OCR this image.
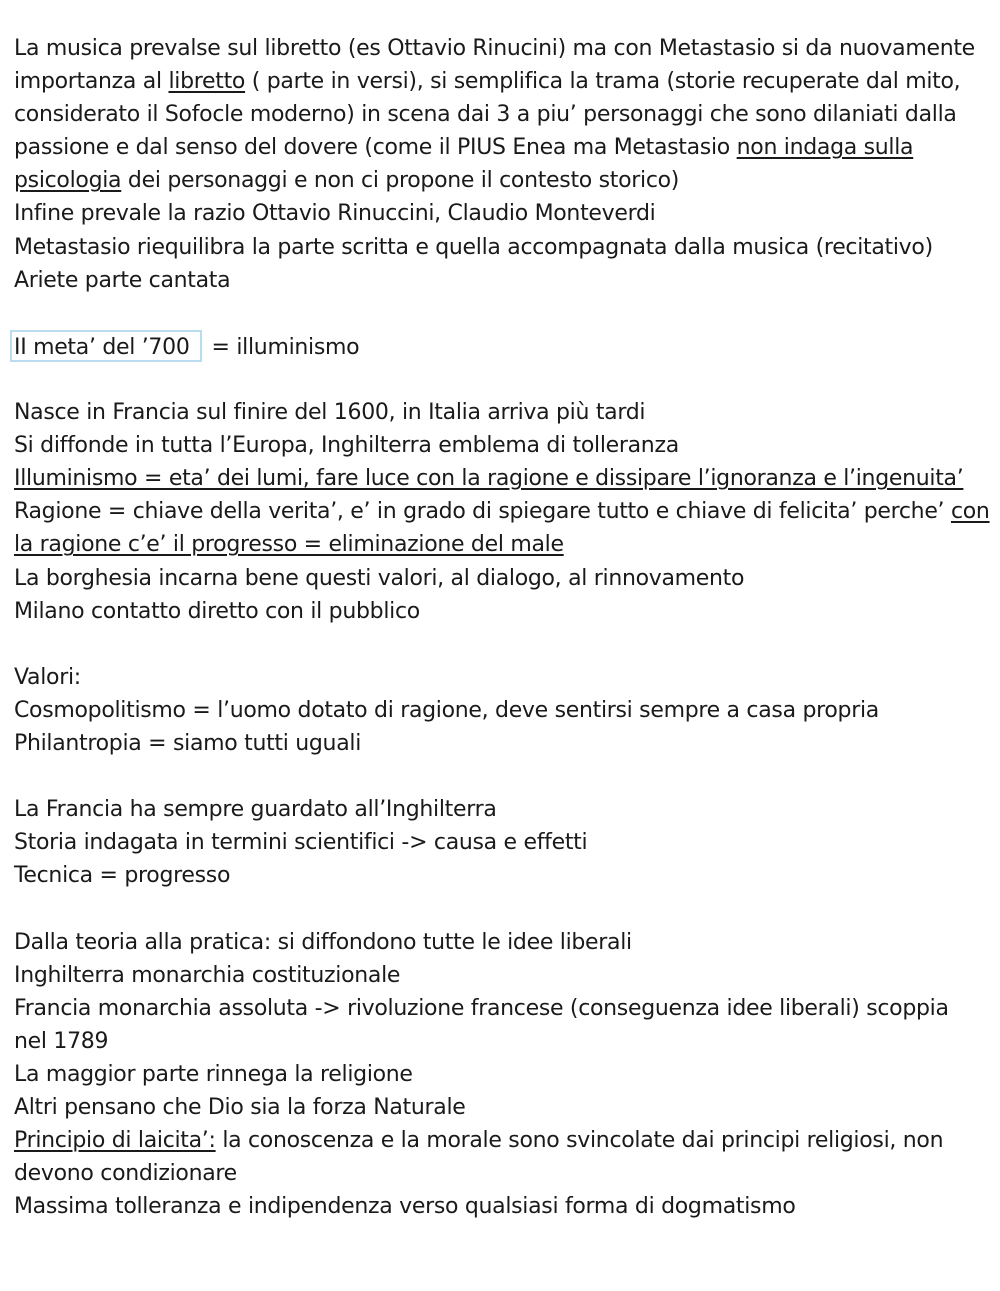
La musica prevalse sul libretto (es Ottavio Rinucini) ma con Metastasio si da nuovamente
importanza al libretto ( parte in versi), si semplifica la trama (storie recuperate dal mito,
considerato il Sofocle moderno) in scena dai 3 a piu’ personaggi che sono dilaniati dalla
passione e dal senso del dovere (come il PIUS Enea ma Metastasio non indaga sulla
psicologia dei personaggi e non ci propone il contesto storico)
Infine prevale la razio Ottavio Rinuccini, Claudio Monteverdi
Metastasio riequilibra la parte scritta e quella accompagnata dalla musica (recitativo)
Ariete parte cantata
II meta’ del ’700 = illuminismo
Nasce in Francia sul finire del 1600, in Italia arriva più tardi
Si diffonde in tutta l’Europa, Inghilterra emblema di tolleranza
Illuminismo = eta’ dei lumi, fare luce con la ragione e dissipare l’ignoranza e l’ingenuita’
Ragione = chiave della verita’, e’ in grado di spiegare tutto e chiave di felicita’ perche’ con
la ragione c’e’ il progresso = eliminazione del male
La borghesia incarna bene questi valori, al dialogo, al rinnovamento
Milano contatto diretto con il pubblico
Valori:
Cosmopolitismo = l’uomo dotato di ragione, deve sentirsi sempre a casa propria
Philantropia = siamo tutti uguali
La Francia ha sempre guardato all’Inghilterra
Storia indagata in termini scientifici -> causa e effetti
Tecnica = progresso
Dalla teoria alla pratica: si diffondono tutte le idee liberali
Inghilterra monarchia costituzionale
Francia monarchia assoluta -> rivoluzione francese (conseguenza idee liberali) scoppia
nel 1789
La maggior parte rinnega la religione
Altri pensano che Dio sia la forza Naturale
Principio di laicita’: la conoscenza e la morale sono svincolate dai principi religiosi, non
devono condizionare
Massima tolleranza e indipendenza verso qualsiasi forma di dogmatismo
